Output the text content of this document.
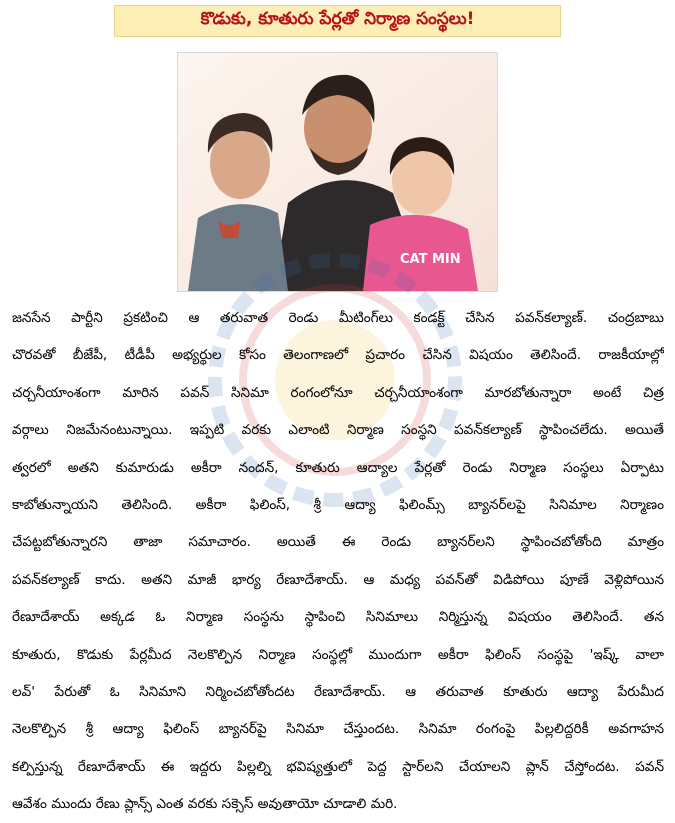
కొడుకు, కూతురు పేర్లతో నిర్మాణ సంస్థలు!
CAT MIN
జనసేన పార్టీని ప్రకటించి ఆ తరువాత రెండు మీటింగ్‌లు కండక్ట్ చేసిన పవన్‌కల్యాణ్. చంద్రబాబు
చొరవతో బీజేపీ, టీడీపీ అభ్యర్థుల కోసం తెలంగాణలో ప్రచారం చేసిన విషయం తెలిసిందే. రాజకీయాల్లో
చర్చనీయాంశంగా మారిన పవన్ సినిమా రంగంలోనూ చర్చనీయాంశంగా మారబోతున్నారా అంటే చిత్ర
వర్గాలు నిజమేనంటున్నాయి. ఇప్పటి వరకు ఎలాంటి నిర్మాణ సంస్థని పవన్‌కల్యాణ్ స్థాపించలేదు. అయితే
త్వరలో అతని కుమారుడు అకీరా నందన్, కూతురు ఆద్యాల పేర్లతో రెండు నిర్మాణ సంస్థలు ఏర్పాటు
కాబోతున్నాయని తెలిసింది. అకీరా ఫిలింస్, శ్రీ ఆద్యా ఫిలింమ్స్ బ్యానర్‌లపై సినిమాల నిర్మాణం
చేపట్టబోతున్నారని తాజా సమాచారం. అయితే ఈ రెండు బ్యానర్‌లని స్థాపించబోతోంది మాత్రం
పవన్‌కల్యాణ్ కాదు. అతని మాజీ భార్య రేణూదేశాయ్. ఆ మధ్య పవన్‌తో విడిపోయి పూణే వెళ్లిపోయిన
రేణూదేశాయ్ అక్కడ ఓ నిర్మాణ సంస్థను స్థాపించి సినిమాలు నిర్మిస్తున్న విషయం తెలిసిందే. తన
కూతురు, కొడుకు పేర్లమీద నెలకొల్పిన నిర్మాణ సంస్థల్లో ముందుగా అకీరా ఫిలింస్ సంస్థపై 'ఇష్క్ వాలా
లవ్' పేరుతో ఓ సినిమాని నిర్మించబోతోందట రేణూదేశాయ్. ఆ తరువాత కూతురు ఆద్యా పేరుమీద
నెలకొల్పిన శ్రీ ఆద్యా ఫిలింస్ బ్యానర్‌పై సినిమా చేస్తుందట. సినిమా రంగంపై పిల్లలిద్దరికీ అవగాహన
కల్పిస్తున్న రేణూదేశాయ్ ఈ ఇద్దరు పిల్లల్ని భవిష్యత్తులో పెద్ద స్టార్‌లని చేయాలని ప్లాన్ చేస్తోందట. పవన్
ఆవేశం ముందు రేణు ప్లాన్స్ ఎంత వరకు సక్సెస్ అవుతాయో చూడాలి మరి.
